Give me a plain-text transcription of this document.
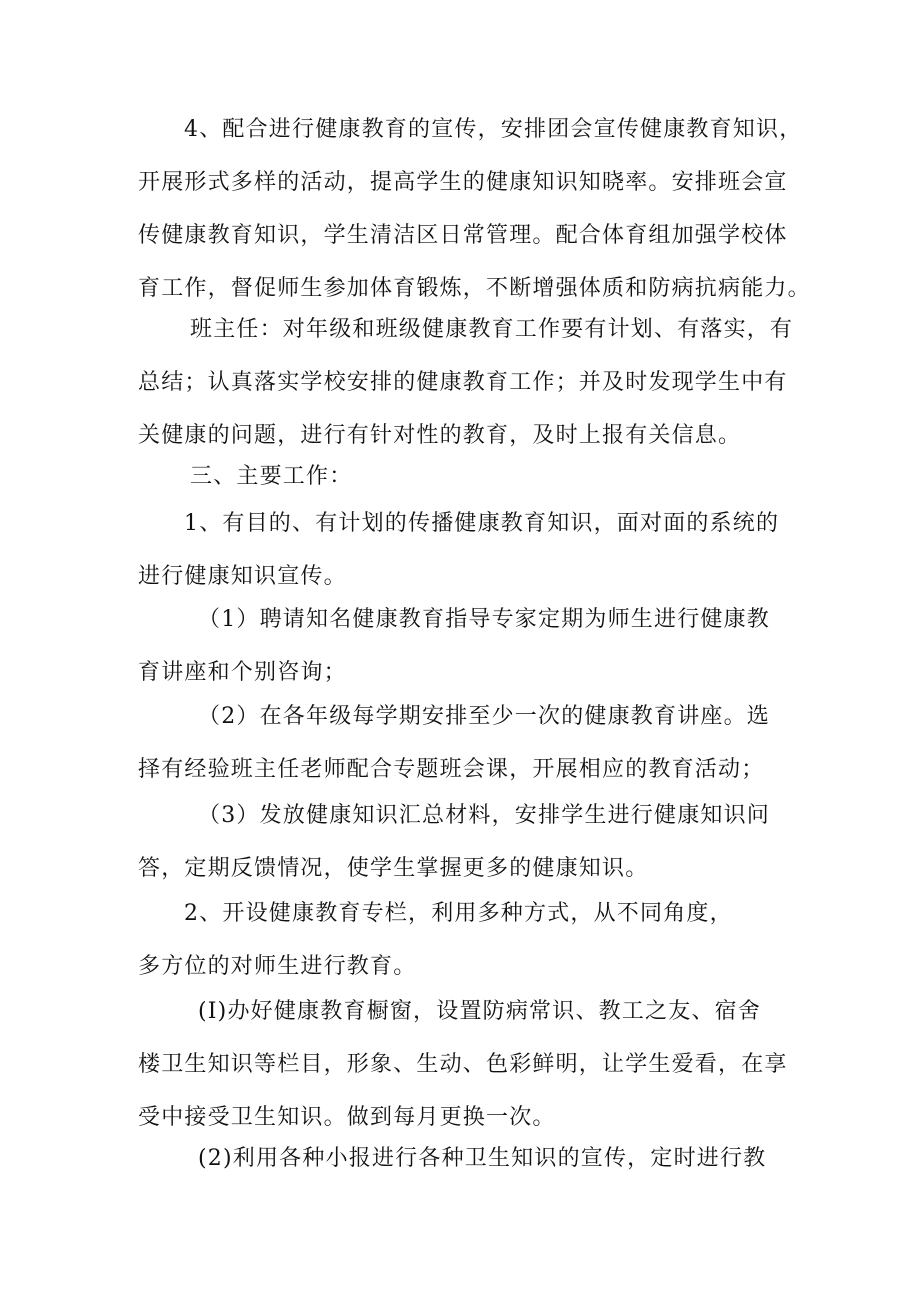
4、配合进行健康教育的宣传，安排团会宣传健康教育知识，
开展形式多样的活动，提高学生的健康知识知晓率。安排班会宣
传健康教育知识，学生清洁区日常管理。配合体育组加强学校体
育工作，督促师生参加体育锻炼，不断增强体质和防病抗病能力。

班主任：对年级和班级健康教育工作要有计划、有落实，有
总结；认真落实学校安排的健康教育工作；并及时发现学生中有
关健康的问题，进行有针对性的教育，及时上报有关信息。

三、主要工作：

1、有目的、有计划的传播健康教育知识，面对面的系统的
进行健康知识宣传。

（1）聘请知名健康教育指导专家定期为师生进行健康教
育讲座和个别咨询；

（2）在各年级每学期安排至少一次的健康教育讲座。选
择有经验班主任老师配合专题班会课，开展相应的教育活动；

（3）发放健康知识汇总材料，安排学生进行健康知识问
答，定期反馈情况，使学生掌握更多的健康知识。

2、开设健康教育专栏，利用多种方式，从不同角度，
多方位的对师生进行教育。

(I)办好健康教育橱窗，设置防病常识、教工之友、宿舍
楼卫生知识等栏目，形象、生动、色彩鲜明，让学生爱看，在享
受中接受卫生知识。做到每月更换一次。

(2)利用各种小报进行各种卫生知识的宣传，定时进行教
